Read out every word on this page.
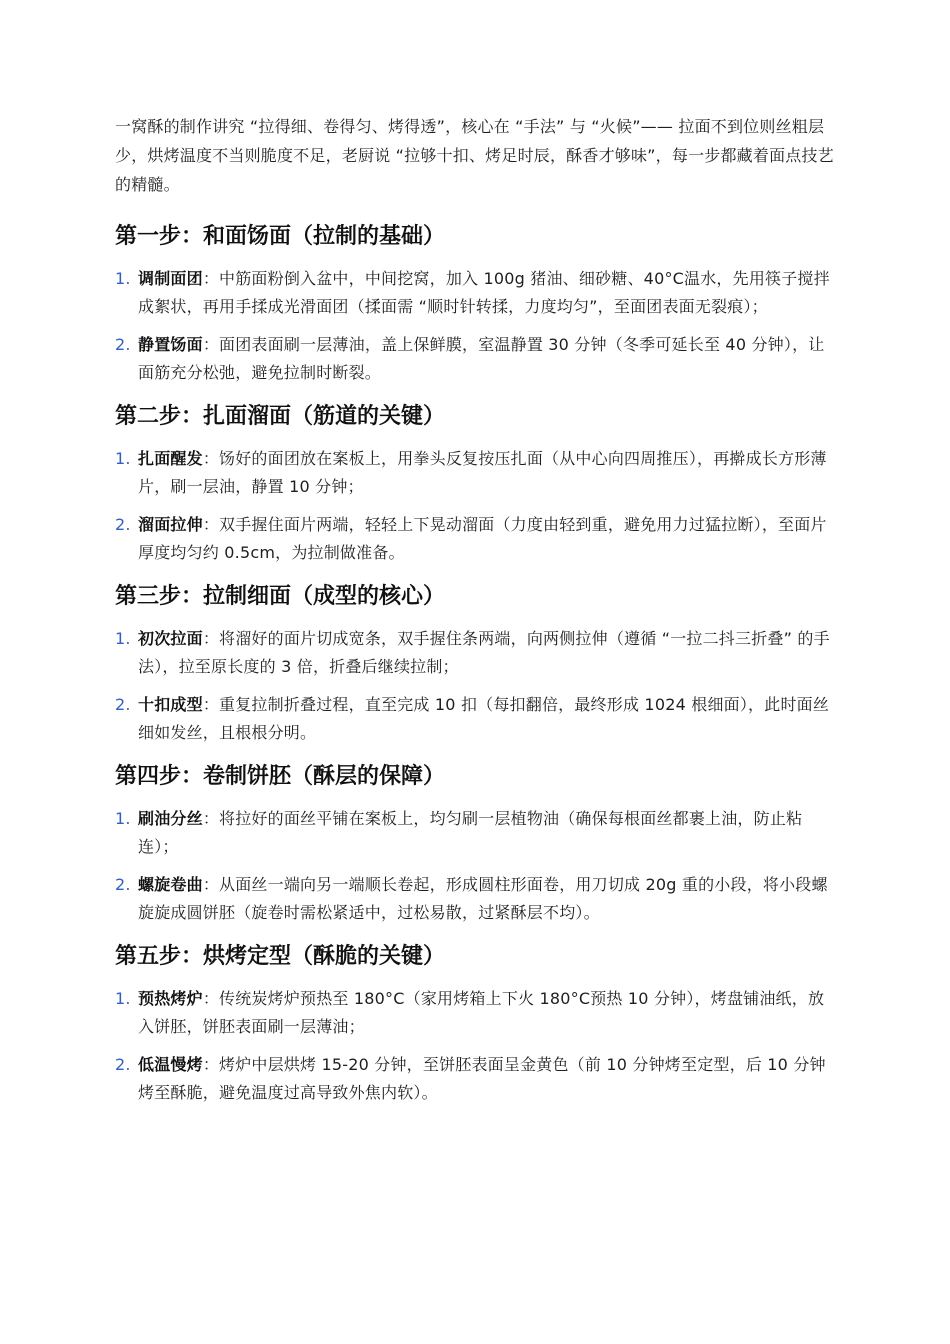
一窝酥的制作讲究 “拉得细、卷得匀、烤得透”，核心在 “手法” 与 “火候”—— 拉面不到位则丝粗层少，烘烤温度不当则脆度不足，老厨说 “拉够十扣、烤足时辰，酥香才够味”，每一步都藏着面点技艺的精髓。

第一步：和面饧面（拉制的基础）
1. 调制面团：中筋面粉倒入盆中，中间挖窝，加入 100g 猪油、细砂糖、40°C温水，先用筷子搅拌成絮状，再用手揉成光滑面团（揉面需 “顺时针转揉，力度均匀”，至面团表面无裂痕）；
2. 静置饧面：面团表面刷一层薄油，盖上保鲜膜，室温静置 30 分钟（冬季可延长至 40 分钟），让面筋充分松弛，避免拉制时断裂。
第二步：扎面溜面（筋道的关键）
1. 扎面醒发：饧好的面团放在案板上，用拳头反复按压扎面（从中心向四周推压），再擀成长方形薄片，刷一层油，静置 10 分钟；
2. 溜面拉伸：双手握住面片两端，轻轻上下晃动溜面（力度由轻到重，避免用力过猛拉断），至面片厚度均匀约 0.5cm，为拉制做准备。
第三步：拉制细面（成型的核心）
1. 初次拉面：将溜好的面片切成宽条，双手握住条两端，向两侧拉伸（遵循 “一拉二抖三折叠” 的手法），拉至原长度的 3 倍，折叠后继续拉制；
2. 十扣成型：重复拉制折叠过程，直至完成 10 扣（每扣翻倍，最终形成 1024 根细面），此时面丝细如发丝，且根根分明。
第四步：卷制饼胚（酥层的保障）
1. 刷油分丝：将拉好的面丝平铺在案板上，均匀刷一层植物油（确保每根面丝都裹上油，防止粘连）；
2. 螺旋卷曲：从面丝一端向另一端顺长卷起，形成圆柱形面卷，用刀切成 20g 重的小段，将小段螺旋旋成圆饼胚（旋卷时需松紧适中，过松易散，过紧酥层不均）。
第五步：烘烤定型（酥脆的关键）
1. 预热烤炉：传统炭烤炉预热至 180°C（家用烤箱上下火 180°C预热 10 分钟），烤盘铺油纸，放入饼胚，饼胚表面刷一层薄油；
2. 低温慢烤：烤炉中层烘烤 15-20 分钟，至饼胚表面呈金黄色（前 10 分钟烤至定型，后 10 分钟烤至酥脆，避免温度过高导致外焦内软）。
